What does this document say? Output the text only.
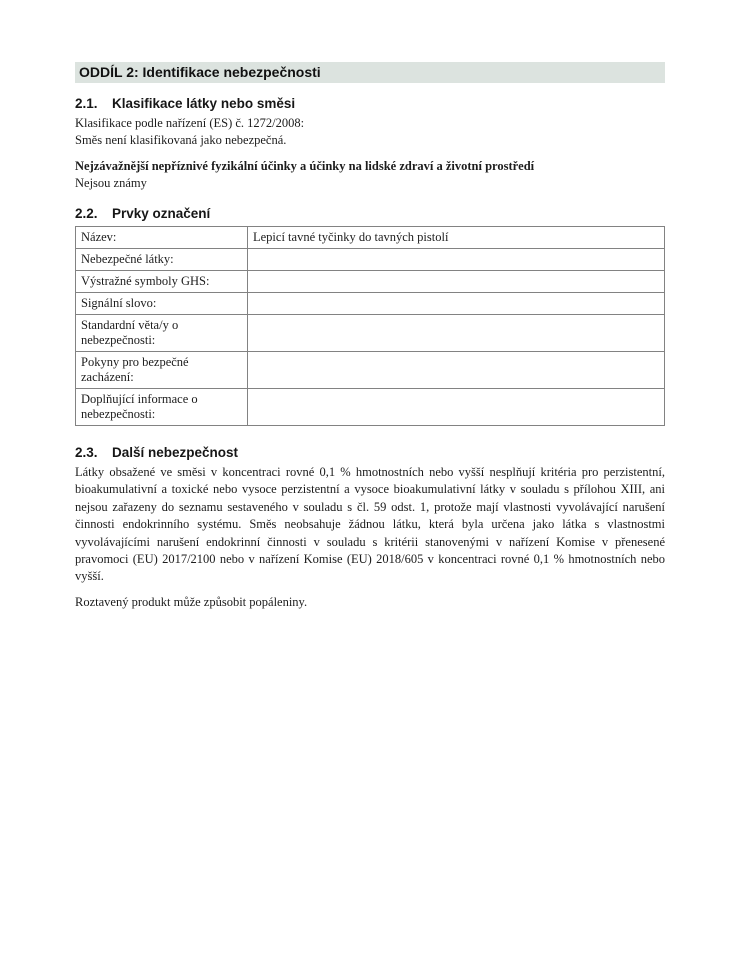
ODDÍL 2: Identifikace nebezpečnosti
2.1. Klasifikace látky nebo směsi
Klasifikace podle nařízení (ES) č. 1272/2008:
Směs není klasifikovaná jako nebezpečná.
Nejzávažnější nepříznivé fyzikální účinky a účinky na lidské zdraví a životní prostředí
Nejsou známy
2.2. Prvky označení
Název:	Lepicí tavné tyčinky do tavných pistolí
Nebezpečné látky:	
Výstražné symboly GHS:	
Signální slovo:	
Standardní věta/y o nebezpečnosti:	
Pokyny pro bezpečné zacházení:	
Doplňující informace o nebezpečnosti:	
2.3. Další nebezpečnost
Látky obsažené ve směsi v koncentraci rovné 0,1 % hmotnostních nebo vyšší nesplňují kritéria pro perzistentní, bioakumulativní a toxické nebo vysoce perzistentní a vysoce bioakumulativní látky v souladu s přílohou XIII, ani nejsou zařazeny do seznamu sestaveného v souladu s čl. 59 odst. 1, protože mají vlastnosti vyvolávající narušení činnosti endokrinního systému. Směs neobsahuje žádnou látku, která byla určena jako látka s vlastnostmi vyvolávajícími narušení endokrinní činnosti v souladu s kritérii stanovenými v nařízení Komise v přenesené pravomoci (EU) 2017/2100 nebo v nařízení Komise (EU) 2018/605 v koncentraci rovné 0,1 % hmotnostních nebo vyšší.
Roztavený produkt může způsobit popáleniny.
